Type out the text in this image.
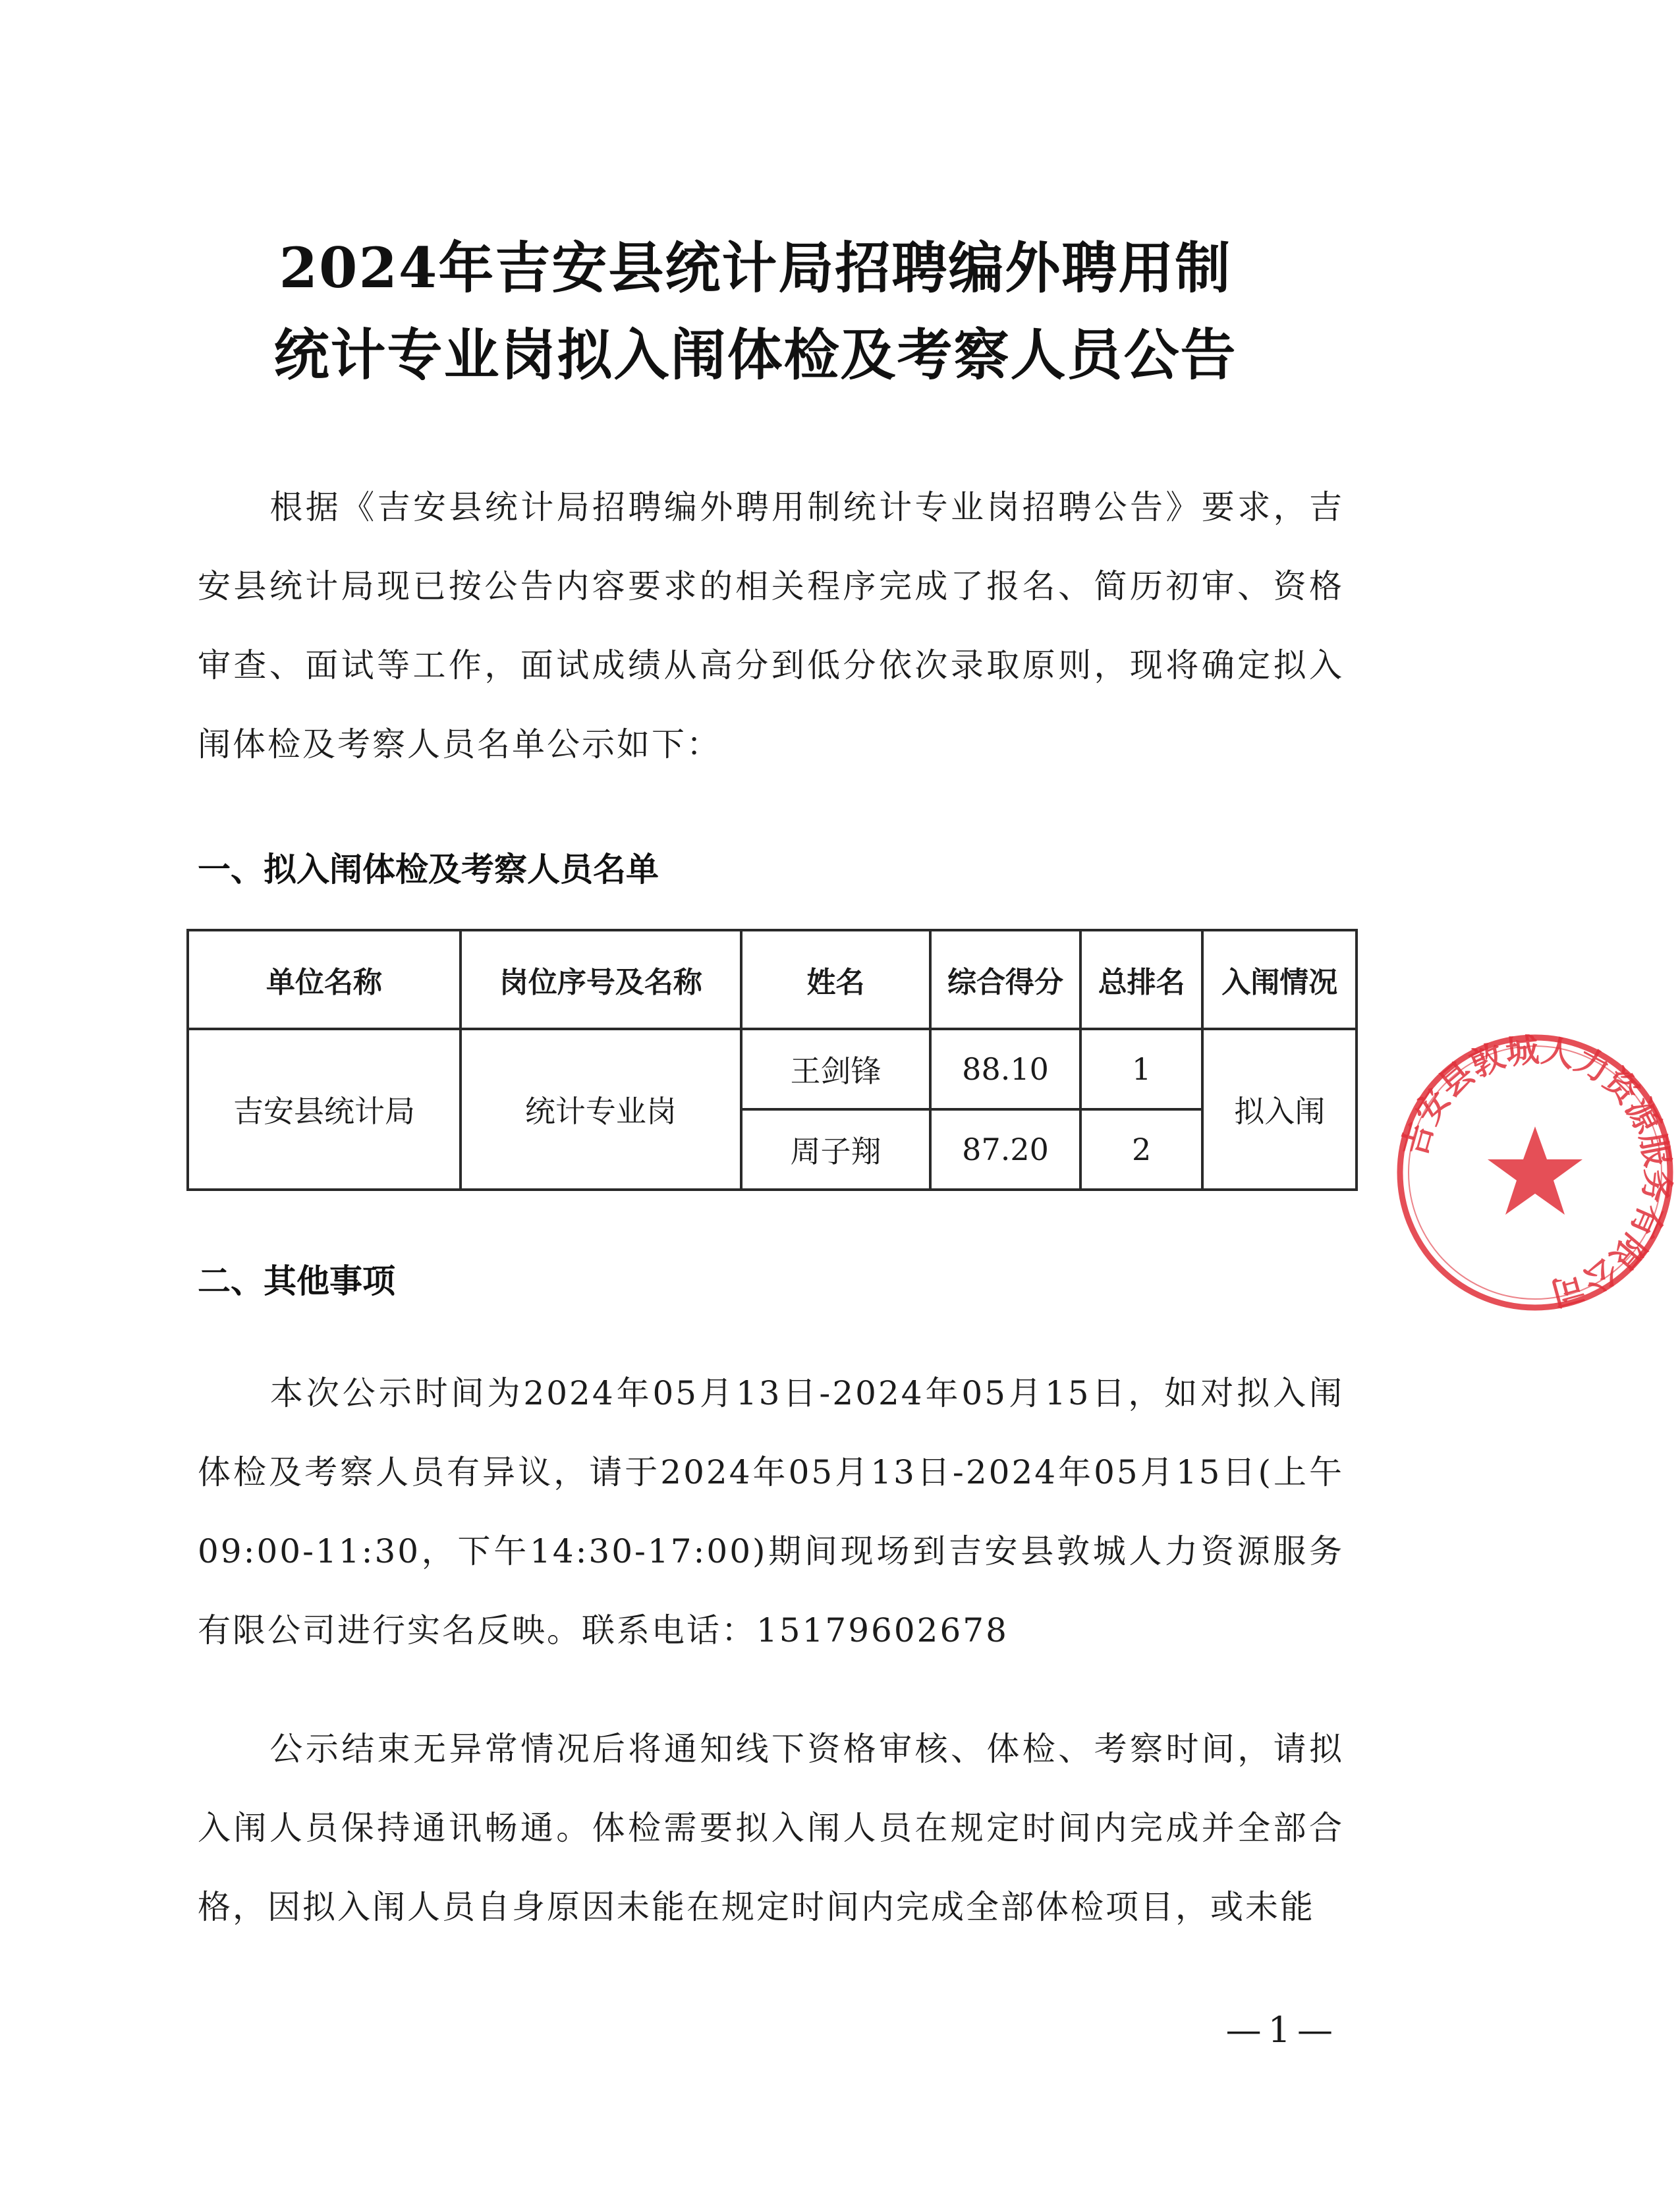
2024年吉安县统计局招聘编外聘用制
统计专业岗拟入闱体检及考察人员公告
根据《吉安县统计局招聘编外聘用制统计专业岗招聘公告》要求，吉安县统计局现已按公告内容要求的相关程序完成了报名、简历初审、资格审查、面试等工作，面试成绩从高分到低分依次录取原则，现将确定拟入闱体检及考察人员名单公示如下：
一、拟入闱体检及考察人员名单
单位名称	岗位序号及名称	姓名	综合得分	总排名	入闱情况
吉安县统计局	统计专业岗	王剑锋	88.10	1	拟入闱
		周子翔	87.20	2	
二、其他事项
本次公示时间为2024年05月13日-2024年05月15日，如对拟入闱体检及考察人员有异议，请于2024年05月13日-2024年05月15日(上午09:00-11:30，下午14:30-17:00)期间现场到吉安县敦城人力资源服务有限公司进行实名反映。联系电话：15179602678
公示结束无异常情况后将通知线下资格审核、体检、考察时间，请拟入闱人员保持通讯畅通。体检需要拟入闱人员在规定时间内完成并全部合格，因拟入闱人员自身原因未能在规定时间内完成全部体检项目，或未能
—1—
吉安县敦城人力资源服务有限公司
